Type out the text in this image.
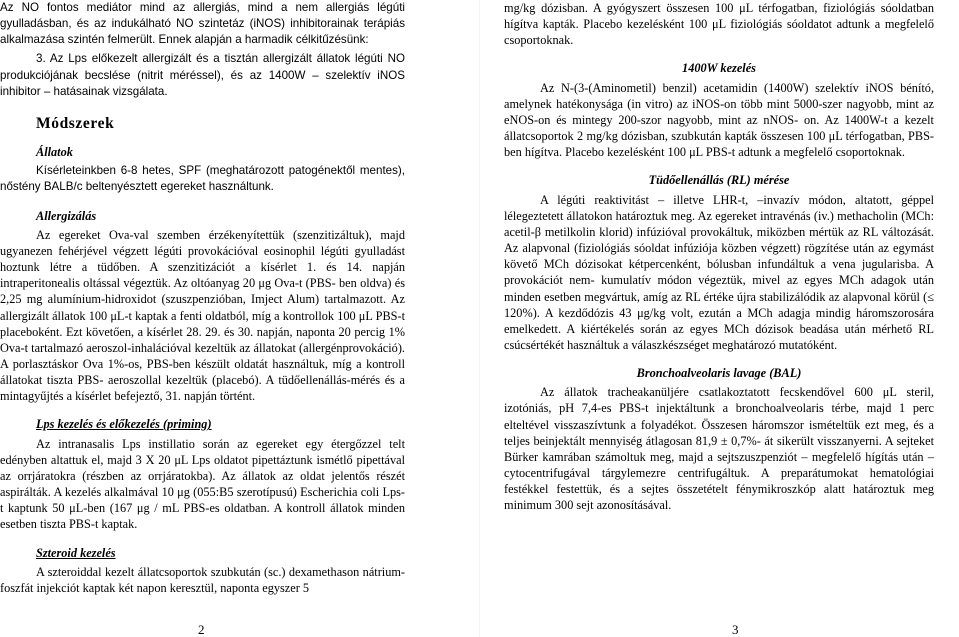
Az NO fontos mediátor mind az allergiás, mind a nem allergiás légúti gyulladásban, és az indukálható NO szintetáz (iNOS) inhibitorainak terápiás alkalmazása szintén felmerült. Ennek alapján a harmadik célkitűzésünk:

3. Az Lps előkezelt allergizált és a tisztán allergizált állatok légúti NO produkciójának becslése (nitrit méréssel), és az 1400W – szelektív iNOS inhibitor – hatásainak vizsgálata.

Módszerek

Állatok

Kísérleteinkben 6-8 hetes, SPF (meghatározott patogénektől mentes), nőstény BALB/c beltenyésztett egereket használtunk.

Allergizálás

Az egereket Ova-val szemben érzékenyítettük (szenzitizáltuk), majd ugyanezen fehérjével végzett légúti provokációval eosinophil légúti gyulladást hoztunk létre a tüdőben. A szenzitizációt a kísérlet 1. és 14. napján intraperitonealis oltással végeztük. Az oltóanyag 20 μg Ova-t (PBS- ben oldva) és 2,25 mg alumínium-hidroxidot (szuszpenzióban, Imject Alum) tartalmazott. Az allergizált állatok 100 μL-t kaptak a fenti oldatból, míg a kontrollok 100 μL PBS-t placeboként. Ezt követően, a kísérlet 28. 29. és 30. napján, naponta 20 percig 1% Ova-t tartalmazó aeroszol-inhalációval kezeltük az állatokat (allergénprovokáció). A porlasztáskor Ova 1%-os, PBS-ben készült oldatát használtuk, míg a kontroll állatokat tiszta PBS- aeroszollal kezeltük (placebó). A tüdőellenállás-mérés és a mintagyűjtés a kísérlet befejeztő, 31. napján történt.

Lps kezelés és előkezelés (priming)

Az intranasalis Lps instillatio során az egereket egy étergőzzel telt edényben altattuk el, majd 3 X 20 μL Lps oldatot pipettáztunk ismétlő pipettával az orrjáratokra (részben az orrjáratokba). Az állatok az oldat jelentős részét aspirálták. A kezelés alkalmával 10 μg (055:B5 szerotípusú) Escherichia coli Lps-t kaptunk 50 μL-ben (167 μg / mL PBS-es oldatban. A kontroll állatok minden esetben tiszta PBS-t kaptak.

Szteroid kezelés

A szteroiddal kezelt állatcsoportok szubkután (sc.) dexamethason nátrium-foszfát injekciót kaptak két napon keresztül, naponta egyszer 5

2

mg/kg dózisban. A gyógyszert összesen 100 μL térfogatban, fiziológiás sóoldatban hígítva kapták. Placebo kezelésként 100 μL fiziológiás sóoldatot adtunk a megfelelő csoportoknak.

1400W kezelés

Az N-(3-(Aminometil) benzil) acetamidin (1400W) szelektív iNOS bénító, amelynek hatékonysága (in vitro) az iNOS-on több mint 5000-szer nagyobb, mint az eNOS-on és mintegy 200-szor nagyobb, mint az nNOS- on. Az 1400W-t a kezelt állatcsoportok 2 mg/kg dózisban, szubkután kapták összesen 100 μL térfogatban, PBS-ben hígítva. Placebo kezelésként 100 μL PBS-t adtunk a megfelelő csoportoknak.

Tüdőellenállás (RL) mérése

A légúti reaktivitást – illetve LHR-t, –invazív módon, altatott, géppel lélegeztetett állatokon határoztuk meg. Az egereket intravénás (iv.) methacholin (MCh: acetil-β metilkolin klorid) infúzióval provokáltuk, miközben mértük az RL változását. Az alapvonal (fiziológiás sóoldat infúziója közben végzett) rögzítése után az egymást követő MCh dózisokat kétpercenként, bólusban infundáltuk a vena jugularisba. A provokációt nem- kumulatív módon végeztük, mivel az egyes MCh adagok után minden esetben megvártuk, amíg az RL értéke újra stabilizálódik az alapvonal körül (≤ 120%). A kezdődózis 43 μg/kg volt, ezután a MCh adagja mindig háromszorosára emelkedett. A kiértékelés során az egyes MCh dózisok beadása után mérhető RL csúcsértékét használtuk a válaszkészséget meghatározó mutatóként.

Bronchoalveolaris lavage (BAL)

Az állatok tracheakanüljére csatlakoztatott fecskendővel 600 μL steril, izotóniás, pH 7,4-es PBS-t injektáltunk a bronchoalveolaris térbe, majd 1 perc elteltével visszaszívtunk a folyadékot. Összesen háromszor ismételtük ezt meg, és a teljes beinjektált mennyiség átlagosan 81,9 ± 0,7%- át sikerült visszanyerni. A sejteket Bürker kamrában számoltuk meg, majd a sejtszuszpenziót – megfelelő hígítás után – cytocentrifugával tárgylemezre centrifugáltuk. A preparátumokat hematológiai festékkel festettük, és a sejtes összetételt fénymikroszkóp alatt határoztuk meg minimum 300 sejt azonosításával.

3
